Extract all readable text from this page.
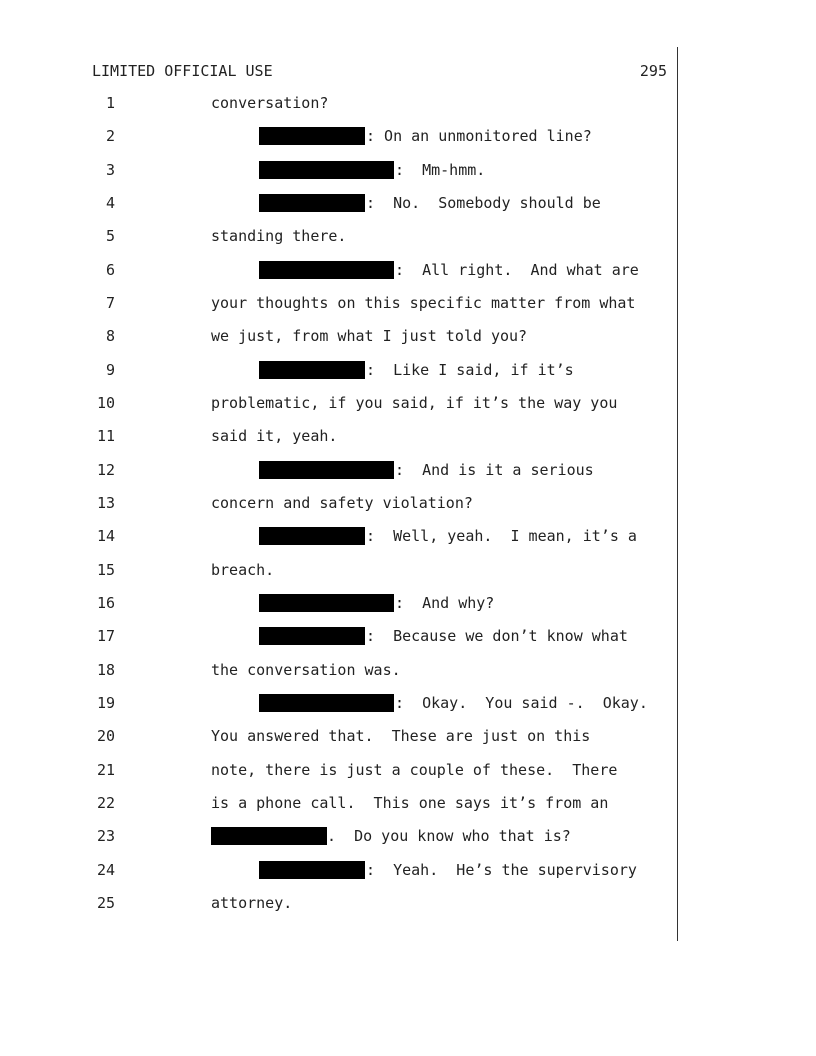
LIMITED OFFICIAL USE	295
1	conversation?
2	: On an unmonitored line?
3	:  Mm-hmm.
4	:  No.  Somebody should be
5	standing there.
6	:  All right.  And what are
7	your thoughts on this specific matter from what
8	we just, from what I just told you?
9	:  Like I said, if it’s
10	problematic, if you said, if it’s the way you
11	said it, yeah.
12	:  And is it a serious
13	concern and safety violation?
14	:  Well, yeah.  I mean, it’s a
15	breach.
16	:  And why?
17	:  Because we don’t know what
18	the conversation was.
19	:  Okay.  You said -.  Okay.
20	You answered that.  These are just on this
21	note, there is just a couple of these.  There
22	is a phone call.  This one says it’s from an
23	.  Do you know who that is?
24	:  Yeah.  He’s the supervisory
25	attorney.
